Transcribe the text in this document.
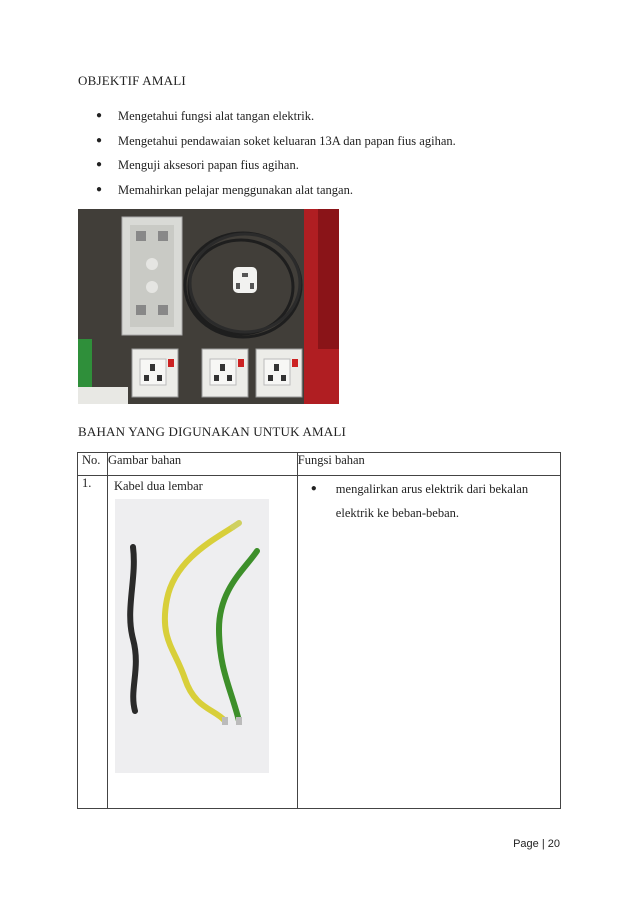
OBJEKTIF AMALI
●	Mengetahui fungsi alat tangan elektrik.
●	Mengetahui pendawaian soket keluaran 13A dan papan fius agihan.
●	Menguji aksesori papan fius agihan.
●	Memahirkan pelajar menggunakan alat tangan.
BAHAN YANG DIGUNAKAN UNTUK AMALI
No.	Gambar bahan	Fungsi bahan
1.	Kabel dua lembar	● mengalirkan arus elektrik dari bekalan
elektrik ke beban-beban.
Page | 20
